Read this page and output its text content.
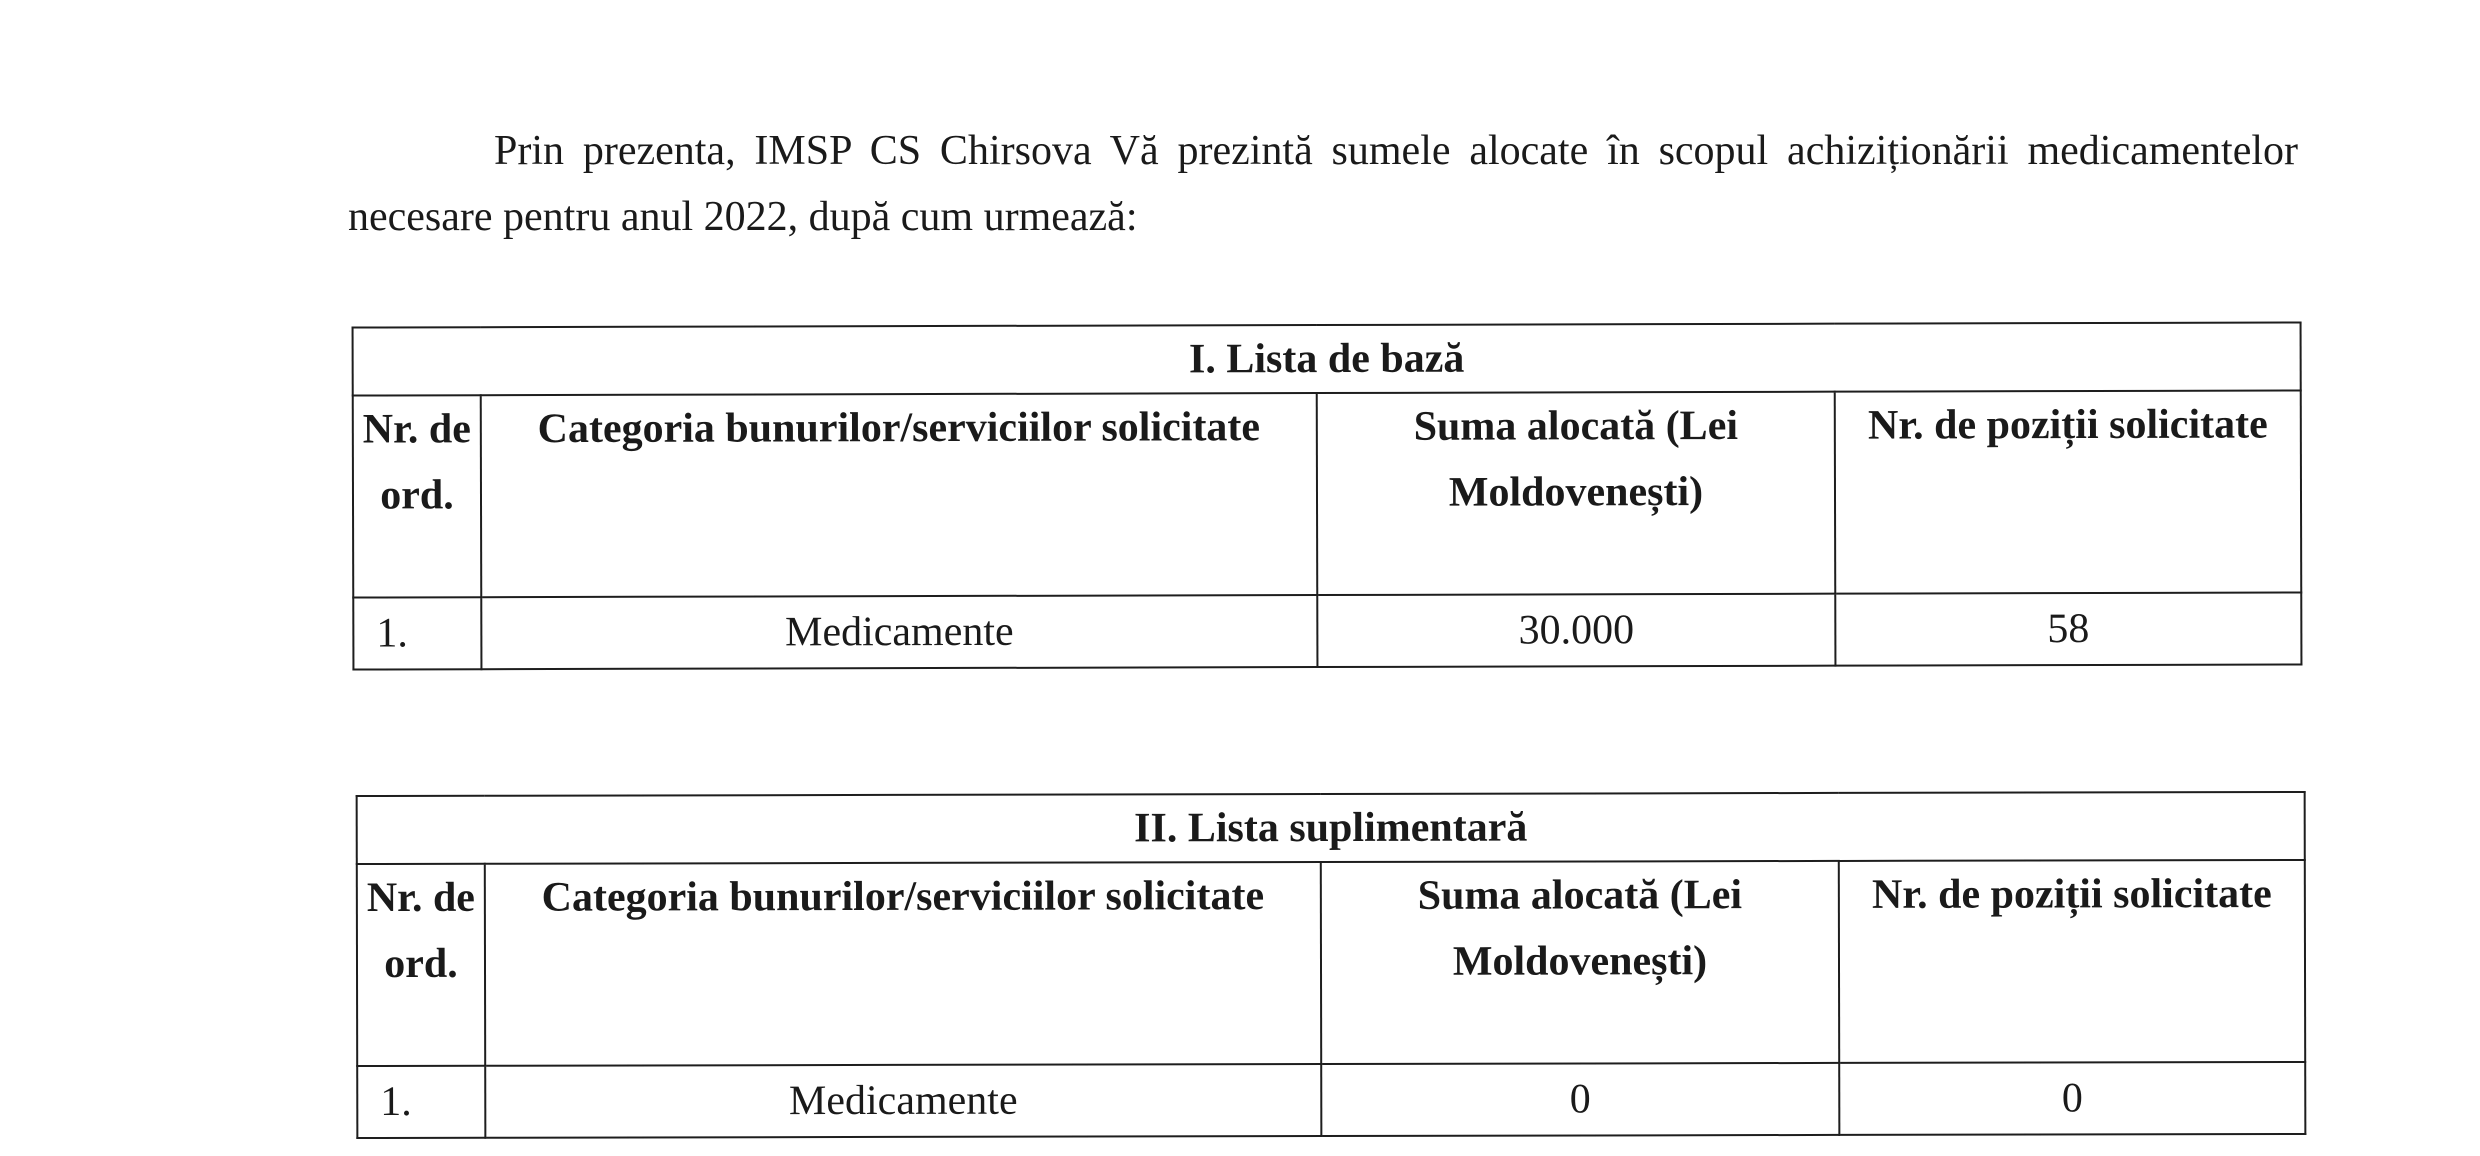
Prin prezenta, IMSP CS Chirsova Vă prezintă sumele alocate în scopul achiziționării medicamentelor necesare pentru anul 2022, după cum urmează:

I. Lista de bază			
Nr. de ord.	Categoria bunurilor/serviciilor solicitate	Suma alocată (Lei Moldovenești)	Nr. de poziții solicitate
1.	Medicamente	30.000	58
II. Lista suplimentară			
Nr. de ord.	Categoria bunurilor/serviciilor solicitate	Suma alocată (Lei Moldovenești)	Nr. de poziții solicitate
1.	Medicamente	0	0
